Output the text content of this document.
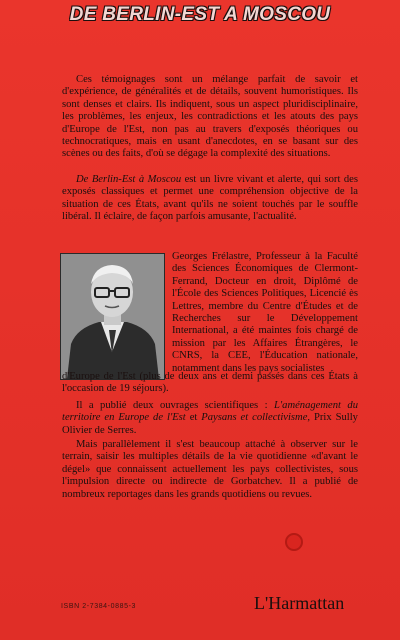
DE BERLIN-EST A MOSCOU

Ces témoignages sont un mélange parfait de savoir et d'expérience, de généralités et de détails, souvent humoristiques. Ils sont denses et clairs. Ils indiquent, sous un aspect pluridisciplinaire, les problèmes, les enjeux, les contradictions et les atouts des pays d'Europe de l'Est, non pas au travers d'exposés théoriques ou technocratiques, mais en usant d'anecdotes, en se basant sur des scènes ou des faits, d'où se dégage la complexité des situations.

De Berlin-Est à Moscou est un livre vivant et alerte, qui sort des exposés classiques et permet une compréhension objective de la situation de ces États, avant qu'ils ne soient touchés par le souffle libéral. Il éclaire, de façon parfois amusante, l'actualité.

Georges Frélastre, Professeur à la Faculté des Sciences Économiques de Clermont-Ferrand, Docteur en droit, Diplômé de l'École des Sciences Politiques, Licencié ès Lettres, membre du Centre d'Études et de Recherches sur le Développement International, a été maintes fois chargé de mission par les Affaires Étrangères, le CNRS, la CEE, l'Éducation nationale, notamment dans les pays socialistes

d'Europe de l'Est (plus de deux ans et demi passés dans ces États à l'occasion de 19 séjours).

Il a publié deux ouvrages scientifiques : L'aménagement du territoire en Europe de l'Est et Paysans et collectivisme, Prix Sully Olivier de Serres.

Mais parallèlement il s'est beaucoup attaché à observer sur le terrain, saisir les multiples détails de la vie quotidienne «d'avant le dégel» que connaissent actuellement les pays collectivistes, sous l'impulsion directe ou indirecte de Gorbatchev. Il a publié de nombreux reportages dans les grands quotidiens ou revues.

ISBN 2-7384-0885-3	L'Harmattan
